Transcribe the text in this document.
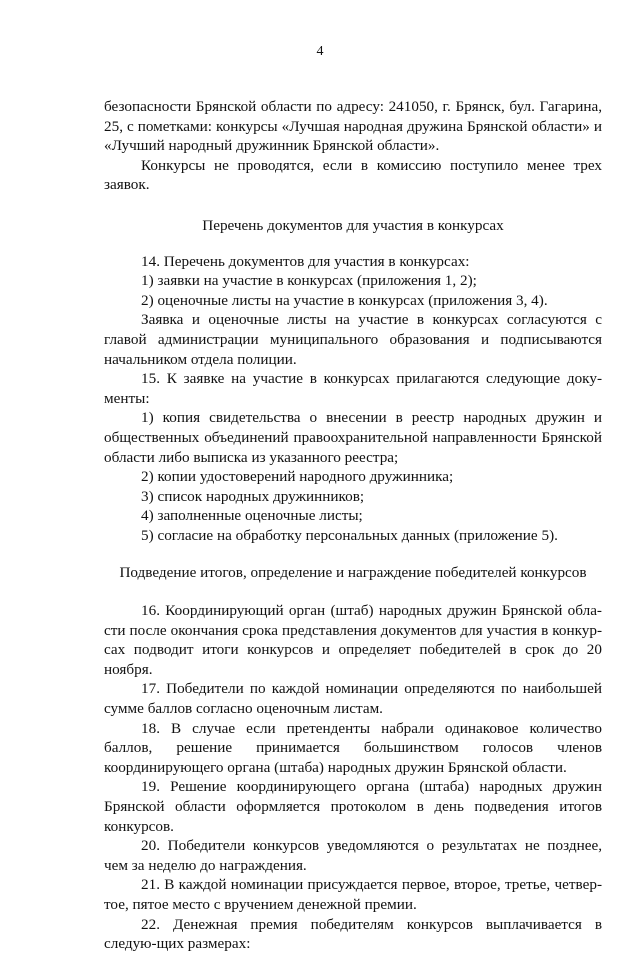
4

безопасности Брянской области по адресу: 241050, г. Брянск, бул. Гагарина, 25, с пометками: конкурсы «Лучшая народная дружина Брянской области» и «Лучший народный дружинник Брянской области».

Конкурсы не проводятся, если в комиссию поступило менее трех заявок.

Перечень документов для участия в конкурсах

14. Перечень документов для участия в конкурсах:

1) заявки на участие в конкурсах (приложения 1, 2);

2) оценочные листы на участие в конкурсах (приложения 3, 4).

Заявка и оценочные листы на участие в конкурсах согласуются с главой администрации муниципального образования и подписываются начальником отдела полиции.

15. К заявке на участие в конкурсах прилагаются следующие доку-менты:

1) копия свидетельства о внесении в реестр народных дружин и общественных объединений правоохранительной направленности Брянской области либо выписка из указанного реестра;

2) копии удостоверений народного дружинника;

3) список народных дружинников;

4) заполненные оценочные листы;

5) согласие на обработку персональных данных (приложение 5).

Подведение итогов, определение и награждение победителей конкурсов

16. Координирующий орган (штаб) народных дружин Брянской обла-сти после окончания срока представления документов для участия в конкур-сах подводит итоги конкурсов и определяет победителей в срок до 20 ноября.

17. Победители по каждой номинации определяются по наибольшей сумме баллов согласно оценочным листам.

18. В случае если претенденты набрали одинаковое количество баллов, решение принимается большинством голосов членов координирующего органа (штаба) народных дружин Брянской области.

19. Решение координирующего органа (штаба) народных дружин Брянской области оформляется протоколом в день подведения итогов конкурсов.

20. Победители конкурсов уведомляются о результатах не позднее, чем за неделю до награждения.

21. В каждой номинации присуждается первое, второе, третье, четвер-тое, пятое место с вручением денежной премии.

22. Денежная премия победителям конкурсов выплачивается в следую-щих размерах:
